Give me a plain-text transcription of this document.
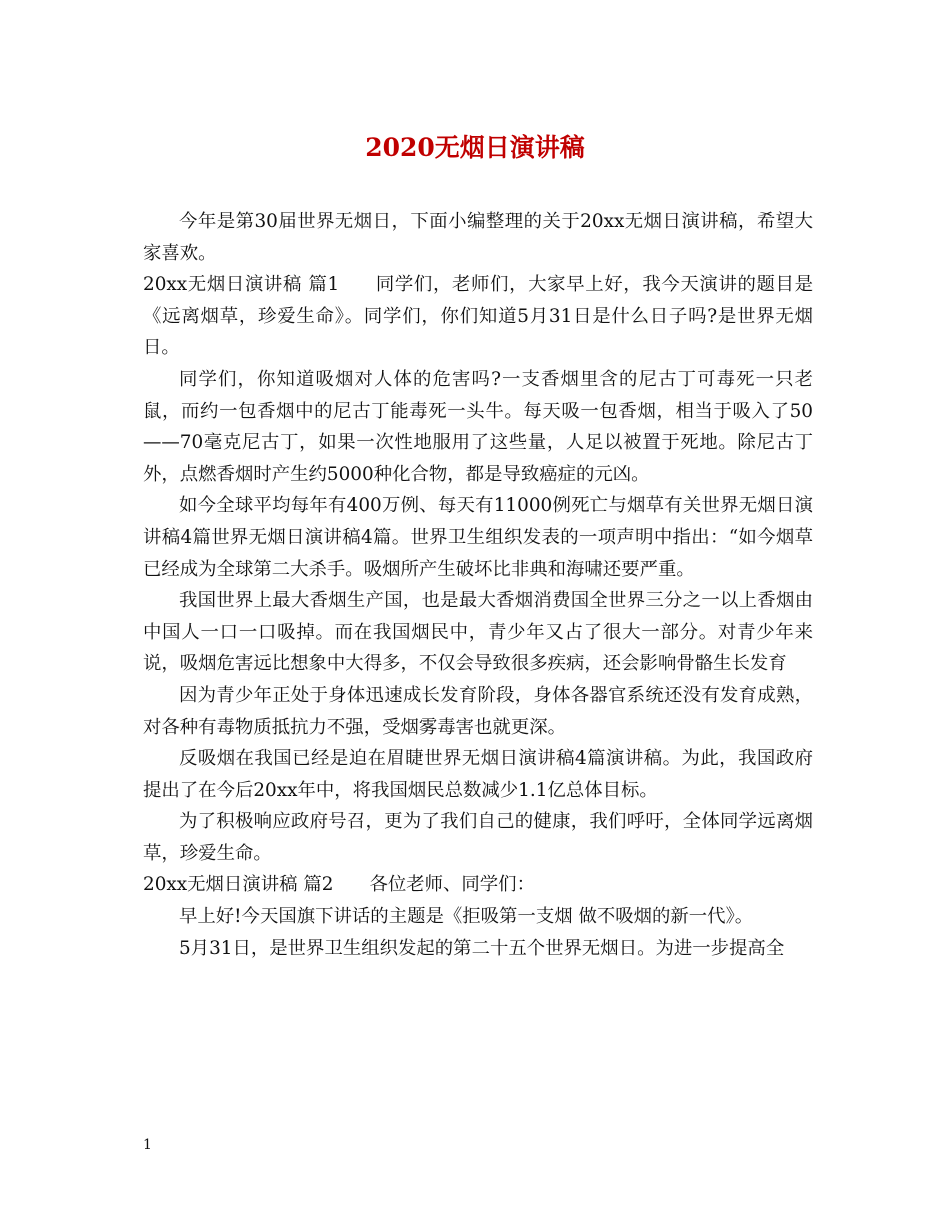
2020无烟日演讲稿

今年是第30届世界无烟日，下面小编整理的关于20xx无烟日演讲稿，希望大家喜欢。

20xx无烟日演讲稿 篇1 同学们，老师们，大家早上好，我今天演讲的题目是《远离烟草，珍爱生命》。同学们，你们知道5月31日是什么日子吗?是世界无烟日。

同学们，你知道吸烟对人体的危害吗?一支香烟里含的尼古丁可毒死一只老鼠，而约一包香烟中的尼古丁能毒死一头牛。每天吸一包香烟，相当于吸入了50——70毫克尼古丁，如果一次性地服用了这些量，人足以被置于死地。除尼古丁外，点燃香烟时产生约5000种化合物，都是导致癌症的元凶。

如今全球平均每年有400万例、每天有11000例死亡与烟草有关世界无烟日演讲稿4篇世界无烟日演讲稿4篇。世界卫生组织发表的一项声明中指出：“如今烟草已经成为全球第二大杀手。吸烟所产生破坏比非典和海啸还要严重。

我国世界上最大香烟生产国，也是最大香烟消费国全世界三分之一以上香烟由中国人一口一口吸掉。而在我国烟民中，青少年又占了很大一部分。对青少年来说，吸烟危害远比想象中大得多，不仅会导致很多疾病，还会影响骨骼生长发育

因为青少年正处于身体迅速成长发育阶段，身体各器官系统还没有发育成熟，对各种有毒物质抵抗力不强，受烟雾毒害也就更深。

反吸烟在我国已经是迫在眉睫世界无烟日演讲稿4篇演讲稿。为此，我国政府提出了在今后20xx年中，将我国烟民总数减少1.1亿总体目标。

为了积极响应政府号召，更为了我们自己的健康，我们呼吁，全体同学远离烟草，珍爱生命。

20xx无烟日演讲稿 篇2 各位老师、同学们：

早上好!今天国旗下讲话的主题是《拒吸第一支烟 做不吸烟的新一代》。

5月31日，是世界卫生组织发起的第二十五个世界无烟日。为进一步提高全

1
